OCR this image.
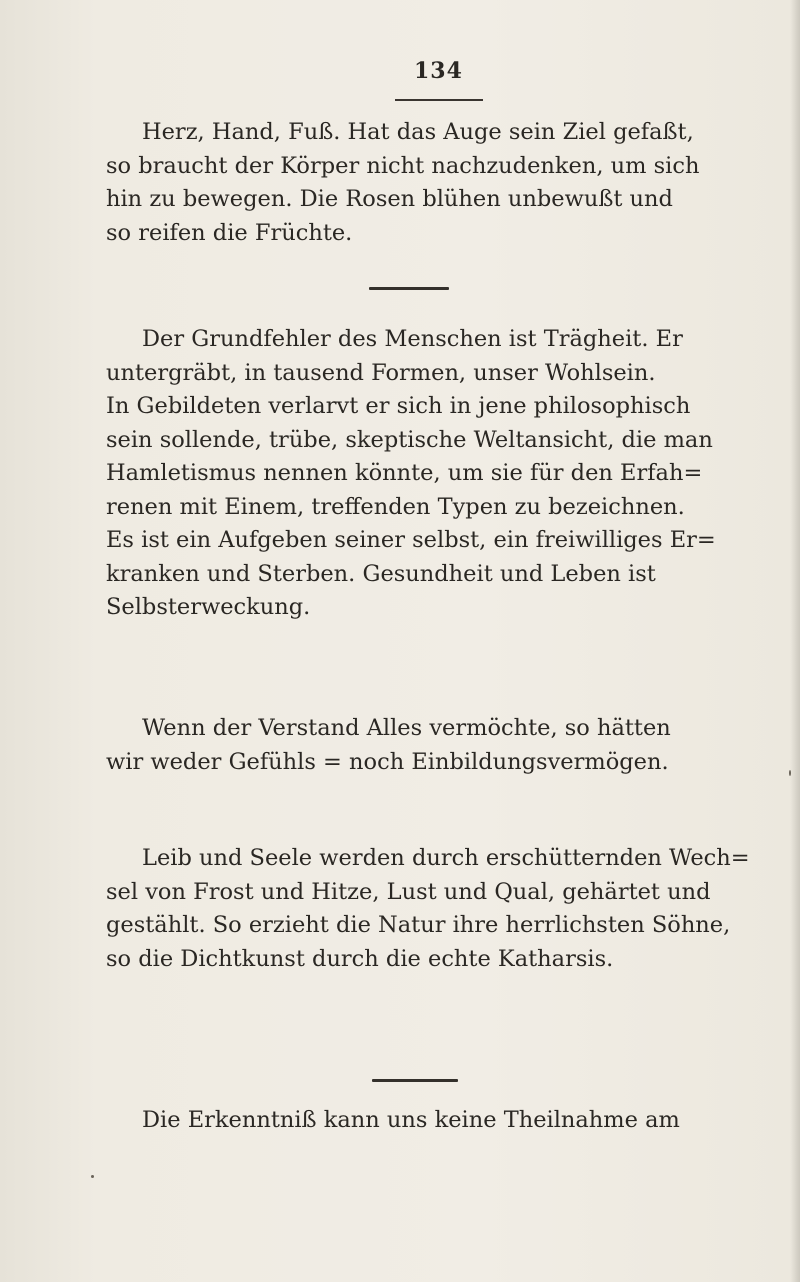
134

Herz, Hand, Fuß. Hat das Auge sein Ziel gefaßt,
so braucht der Körper nicht nachzudenken, um sich
hin zu bewegen. Die Rosen blühen unbewußt und
so reifen die Früchte.

Der Grundfehler des Menschen ist Trägheit. Er
untergräbt, in tausend Formen, unser Wohlsein.
In Gebildeten verlarvt er sich in jene philosophisch
sein sollende, trübe, skeptische Weltansicht, die man
Hamletismus nennen könnte, um sie für den Erfah=
renen mit Einem, treffenden Typen zu bezeichnen.
Es ist ein Aufgeben seiner selbst, ein freiwilliges Er=
kranken und Sterben. Gesundheit und Leben ist
Selbsterweckung.

Wenn der Verstand Alles vermöchte, so hätten
wir weder Gefühls = noch Einbildungsvermögen.

Leib und Seele werden durch erschütternden Wech=
sel von Frost und Hitze, Lust und Qual, gehärtet und
gestählt. So erzieht die Natur ihre herrlichsten Söhne,
so die Dichtkunst durch die echte Katharsis.

Die Erkenntniß kann uns keine Theilnahme am
